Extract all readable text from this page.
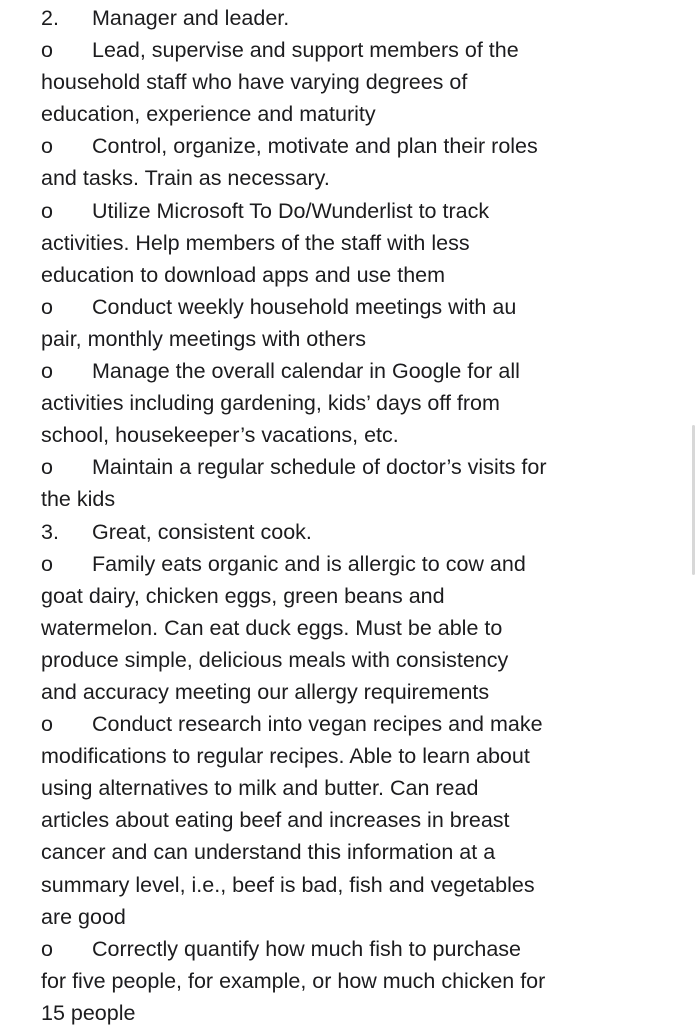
2. Manager and leader.
o Lead, supervise and support members of the
household staff who have varying degrees of
education, experience and maturity
o Control, organize, motivate and plan their roles
and tasks. Train as necessary.
o Utilize Microsoft To Do/Wunderlist to track
activities. Help members of the staff with less
education to download apps and use them
o Conduct weekly household meetings with au
pair, monthly meetings with others
o Manage the overall calendar in Google for all
activities including gardening, kids’ days off from
school, housekeeper’s vacations, etc.
o Maintain a regular schedule of doctor’s visits for
the kids
3. Great, consistent cook.
o Family eats organic and is allergic to cow and
goat dairy, chicken eggs, green beans and
watermelon. Can eat duck eggs. Must be able to
produce simple, delicious meals with consistency
and accuracy meeting our allergy requirements
o Conduct research into vegan recipes and make
modifications to regular recipes. Able to learn about
using alternatives to milk and butter. Can read
articles about eating beef and increases in breast
cancer and can understand this information at a
summary level, i.e., beef is bad, fish and vegetables
are good
o Correctly quantify how much fish to purchase
for five people, for example, or how much chicken for
15 people
